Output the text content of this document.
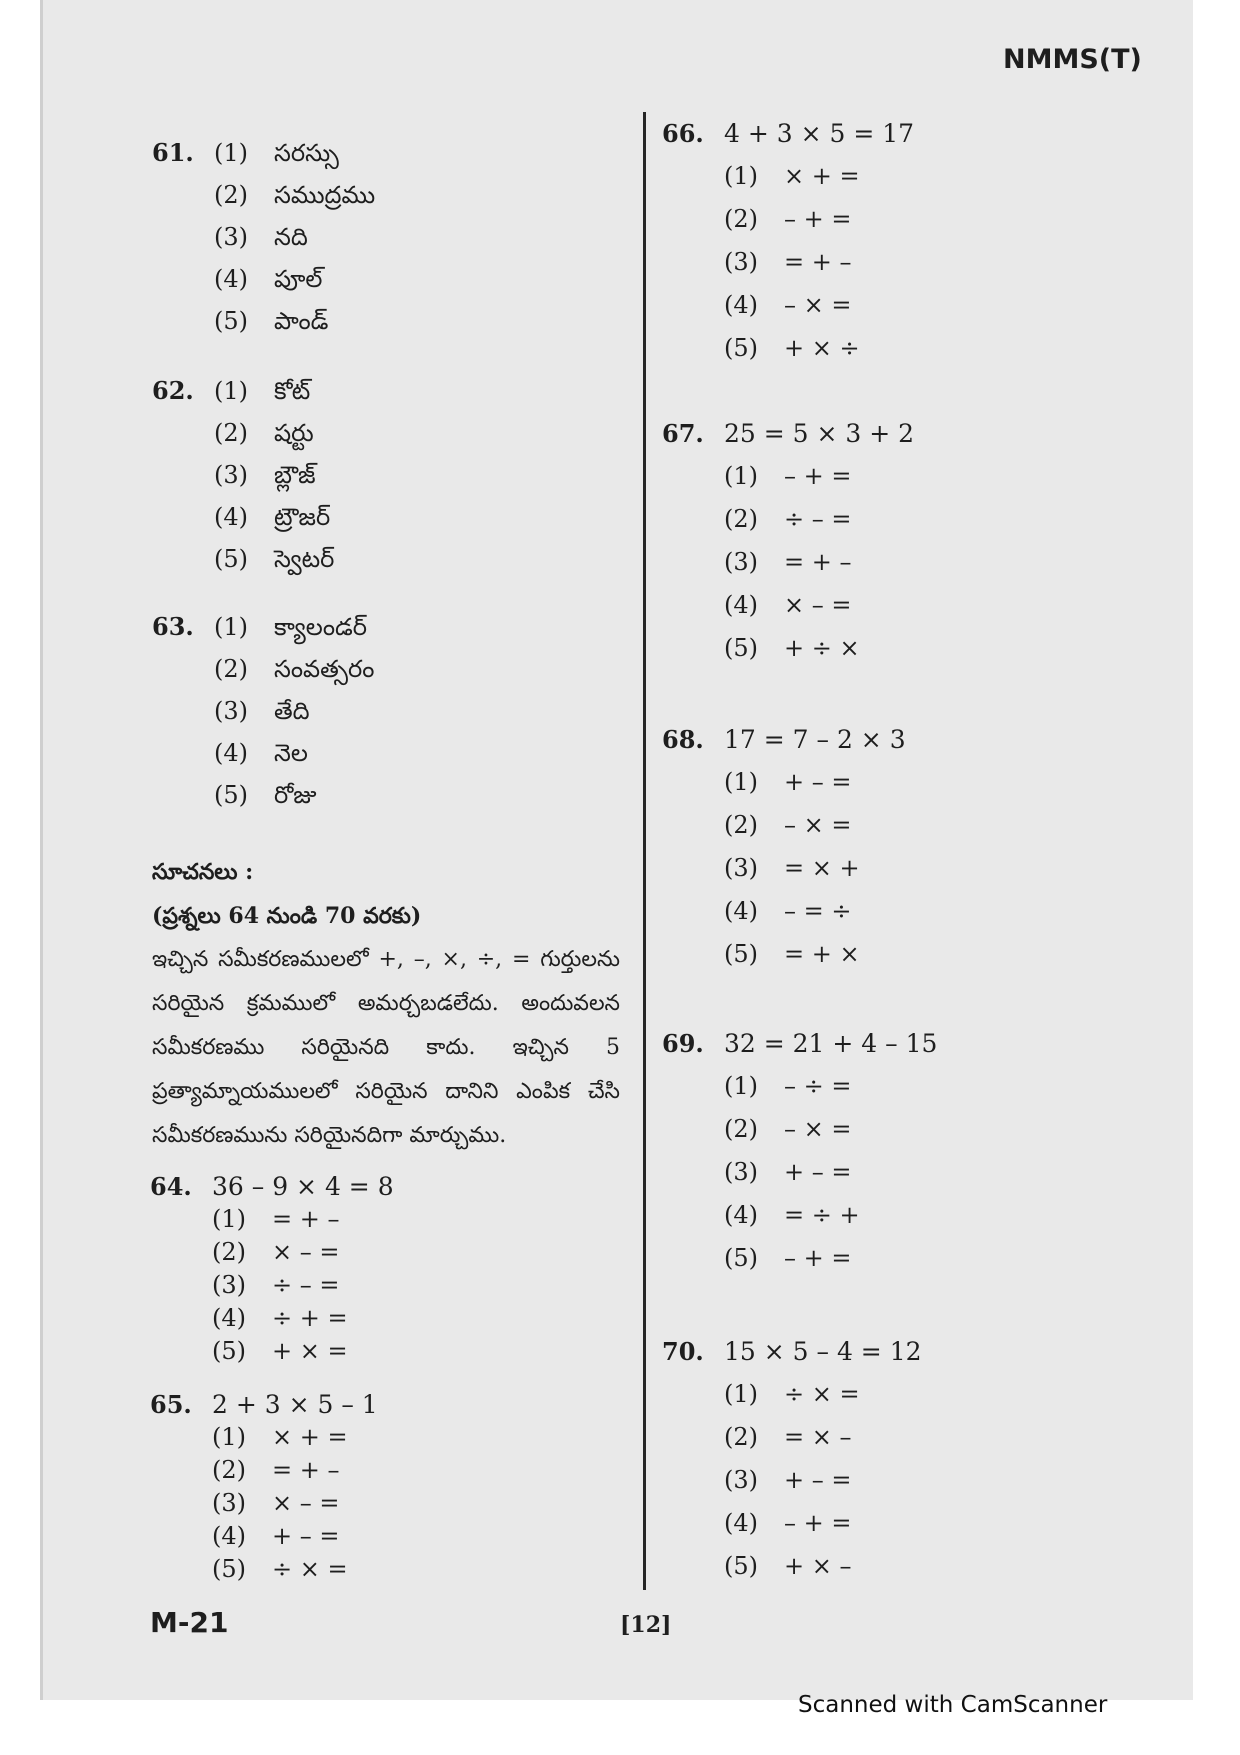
NMMS(T)
61. (1)	సరస్సు
(2)	సముద్రము
(3)	నది
(4)	పూల్
(5)	పాండ్
62. (1)	కోట్
(2)	షర్టు
(3)	బ్లౌజ్
(4)	ట్రౌజర్
(5)	స్వెటర్
63. (1)	క్యాలండర్
(2)	సంవత్సరం
(3)	తేది
(4)	నెల
(5)	రోజు
సూచనలు :
(ప్రశ్నలు 64 నుండి 70 వరకు)

ఇచ్చిన సమీకరణములలో +, –, ×, ÷, = గుర్తులను సరియైన క్రమములో అమర్చబడలేదు. అందువలన సమీకరణము సరియైనది కాదు. ఇచ్చిన 5 ప్రత్యామ్నాయములలో సరియైన దానిని ఎంపిక చేసి సమీకరణమును సరియైనదిగా మార్చుము.

64. 36 – 9 × 4 = 8
(1)	= + –
(2)	× – =
(3)	÷ – =
(4)	÷ + =
(5)	+ × =
65. 2 + 3 × 5 – 1
(1)	× + =
(2)	= + –
(3)	× – =
(4)	+ – =
(5)	÷ × =
66. 4 + 3 × 5 = 17
(1)	× + =
(2)	– + =
(3)	= + –
(4)	– × =
(5)	+ × ÷
67. 25 = 5 × 3 + 2
(1)	– + =
(2)	÷ – =
(3)	= + –
(4)	× – =
(5)	+ ÷ ×
68. 17 = 7 – 2 × 3
(1)	+ – =
(2)	– × =
(3)	= × +
(4)	– = ÷
(5)	= + ×
69. 32 = 21 + 4 – 15
(1)	– ÷ =
(2)	– × =
(3)	+ – =
(4)	= ÷ +
(5)	– + =
70. 15 × 5 – 4 = 12
(1)	÷ × =
(2)	= × –
(3)	+ – =
(4)	– + =
(5)	+ × –
M-21	[12]
Scanned with CamScanner
